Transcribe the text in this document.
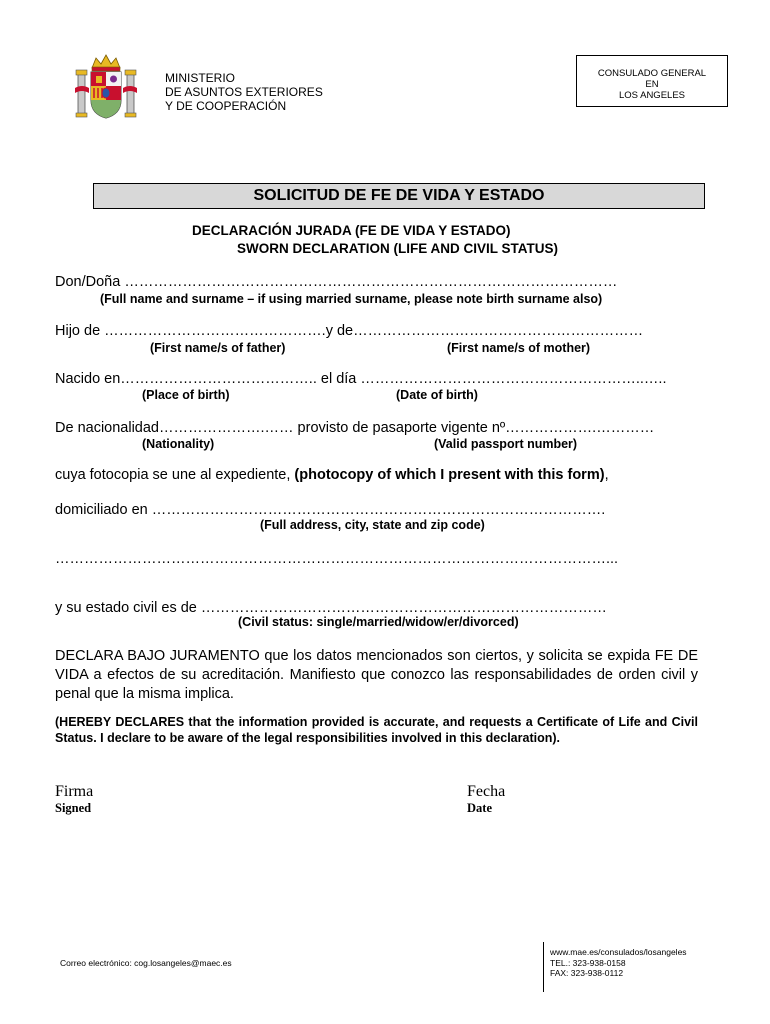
MINISTERIO
DE ASUNTOS EXTERIORES
Y DE COOPERACIÓN
CONSULADO GENERAL
EN
LOS ANGELES
SOLICITUD DE FE DE VIDA Y ESTADO
DECLARACIÓN JURADA (FE DE VIDA Y ESTADO)
SWORN DECLARATION (LIFE AND CIVIL STATUS)
Don/Doña …………………………………………………………………………………………
(Full name and surname – if using married surname, please note birth surname also)
Hijo de ……………………………………….y de……………………………………………………
(First name/s of father)	(First name/s of mother)
Nacido en………………………………….. el día …………………………………………………..…..
(Place of birth)	(Date of birth)
De nacionalidad………………….…… provisto de pasaporte vigente nº……………….…………
(Nationality)	(Valid passport number)
cuya fotocopia se une al expediente, (photocopy of which I present with this form),
domiciliado en ………………………………………………………………………………….
(Full address, city, state and zip code)
……………………………………………………………………………………………………...
y su estado civil es de …………………………………………………………………………
(Civil status: single/married/widow/er/divorced)
DECLARA BAJO JURAMENTO que los datos mencionados son ciertos, y solicita se expida FE DE VIDA a efectos de su acreditación. Manifiesto que conozco las responsabilidades de orden civil y penal que la misma implica.
(HEREBY DECLARES that the information provided is accurate, and requests a Certificate of Life and Civil Status. I declare to be aware of the legal responsibilities involved in this declaration).
Firma
Signed
Fecha
Date
Correo electrónico: cog.losangeles@maec.es
www.mae.es/consulados/losangeles
TEL.: 323-938-0158
FAX: 323-938-0112
